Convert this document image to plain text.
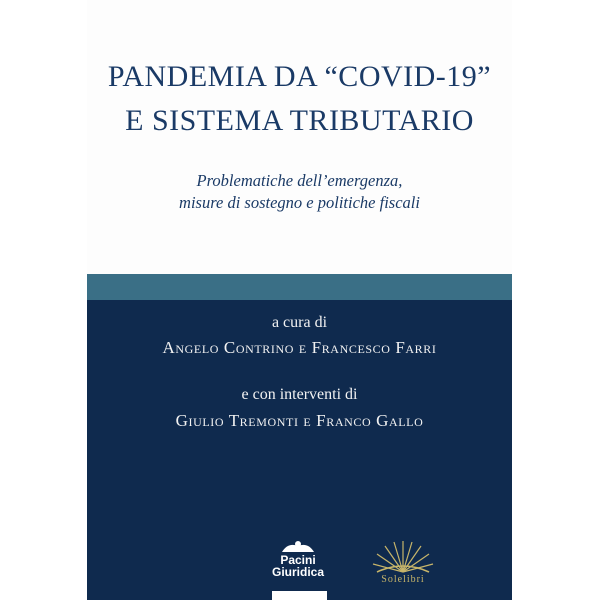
PANDEMIA DA “COVID-19”
E SISTEMA TRIBUTARIO
Problematiche dell’emergenza,
misure di sostegno e politiche fiscali
a cura di
Angelo Contrino e Francesco Farri
e con interventi di
Giulio Tremonti e Franco Gallo
Pacini
Giuridica
Solelibri
